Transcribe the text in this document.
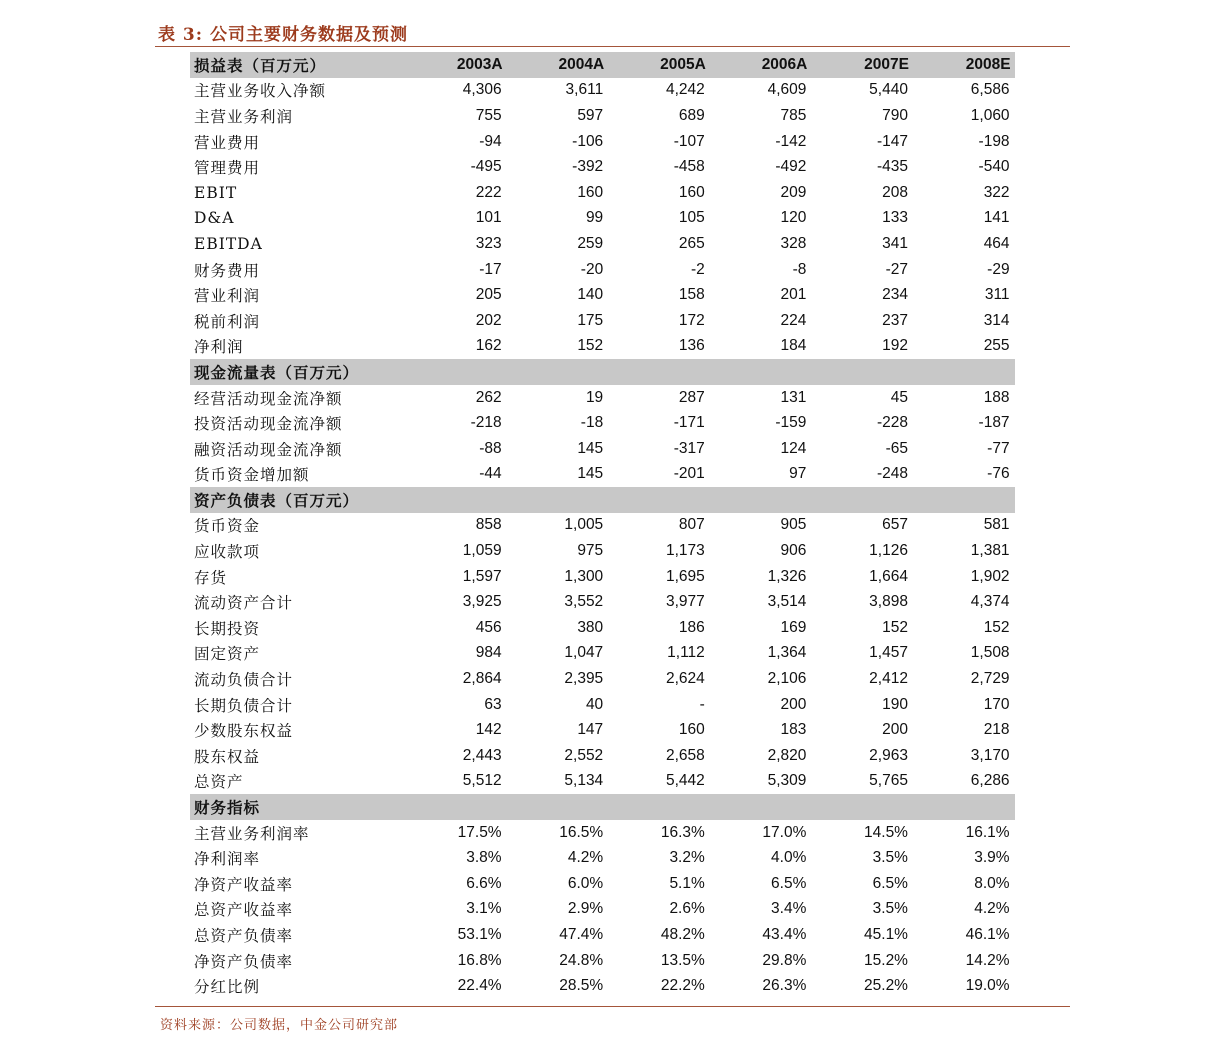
表 3: 公司主要财务数据及预测
损益表（百万元）	2003A	2004A	2005A	2006A	2007E	2008E
主营业务收入净额	4,306	3,611	4,242	4,609	5,440	6,586
主营业务利润	755	597	689	785	790	1,060
营业费用	-94	-106	-107	-142	-147	-198
管理费用	-495	-392	-458	-492	-435	-540
EBIT	222	160	160	209	208	322
D&A	101	99	105	120	133	141
EBITDA	323	259	265	328	341	464
财务费用	-17	-20	-2	-8	-27	-29
营业利润	205	140	158	201	234	311
税前利润	202	175	172	224	237	314
净利润	162	152	136	184	192	255
现金流量表（百万元）
经营活动现金流净额	262	19	287	131	45	188
投资活动现金流净额	-218	-18	-171	-159	-228	-187
融资活动现金流净额	-88	145	-317	124	-65	-77
货币资金增加额	-44	145	-201	97	-248	-76
资产负债表（百万元）
货币资金	858	1,005	807	905	657	581
应收款项	1,059	975	1,173	906	1,126	1,381
存货	1,597	1,300	1,695	1,326	1,664	1,902
流动资产合计	3,925	3,552	3,977	3,514	3,898	4,374
长期投资	456	380	186	169	152	152
固定资产	984	1,047	1,112	1,364	1,457	1,508
流动负债合计	2,864	2,395	2,624	2,106	2,412	2,729
长期负债合计	63	40	-	200	190	170
少数股东权益	142	147	160	183	200	218
股东权益	2,443	2,552	2,658	2,820	2,963	3,170
总资产	5,512	5,134	5,442	5,309	5,765	6,286
财务指标
主营业务利润率	17.5%	16.5%	16.3%	17.0%	14.5%	16.1%
净利润率	3.8%	4.2%	3.2%	4.0%	3.5%	3.9%
净资产收益率	6.6%	6.0%	5.1%	6.5%	6.5%	8.0%
总资产收益率	3.1%	2.9%	2.6%	3.4%	3.5%	4.2%
总资产负债率	53.1%	47.4%	48.2%	43.4%	45.1%	46.1%
净资产负债率	16.8%	24.8%	13.5%	29.8%	15.2%	14.2%
分红比例	22.4%	28.5%	22.2%	26.3%	25.2%	19.0%
资料来源：公司数据，中金公司研究部
